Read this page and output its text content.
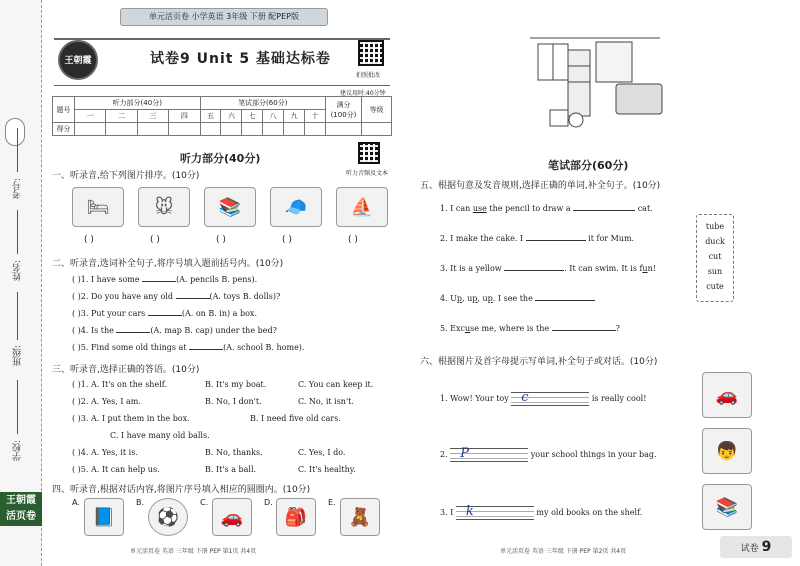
考号:
姓名:
班级:
学校:
王朝霞
活页卷
单元活页卷 小学英语 3年级 下册 配PEP版
王朝霞	试卷9 Unit 5 基础达标卷
拍照批改
建议用时:40分钟
题号	听力部分(40分)				笔试部分(60分)						满分
(100分)	等级
	一	二	三	四	五	六	七	八	九	十		
得分												
听力部分(40分)
听力音频及文本
一、听录音,给下列图片排序。(10分)
🛏	🐭	📚	🧢	⛵
( )	( )	( )	( )	( )
二、听录音,选词补全句子,将序号填入题前括号内。(10分)
( )1. I have some	(A. pencils B. pens).
( )2. Do you have any old	(A. toys B. dolls)?
( )3. Put your cars	(A. on B. in) a box.
( )4. Is the	(A. map B. cap) under the bed?
( )5. Find some old things at	(A. school B. home).
三、听录音,选择正确的答语。(10分)
( )1. A. It's on the shelf.	B. It's my boat.	C. You can keep it.
( )2. A. Yes, I am.	B. No, I don't.	C. No, it isn't.
( )3. A. I put them in the box.	B. I need five old cars.
C. I have many old balls.
( )4. A. Yes, it is.	B. No, thanks.	C. Yes, I do.
( )5. A. It can help us.	B. It's a ball.	C. It's healthy.
四、听录音,根据对话内容,将图片序号填入相应的圆圈内。(10分)
A.
📘
B.
⚽
C.
🚗
D.
🎒
E.
🧸
单元活页卷 英语 三年级 下册 PEP 第1页 共4页
笔试部分(60分)
五、根据句意及发音规则,选择正确的单词,补全句子。(10分)
1. I can use the pencil to draw a	cat.
2. I make the cake. I	it for Mum.
3. It is a yellow	. It can swim. It is fun!
4. Up, up, up. I see the
5. Excuse me, where is the	?
tube
duck
cut
sun
cute
六、根据图片及首字母提示写单词,补全句子或对话。(10分)
1. Wow! Your toy c	is really cool!
2. P	your school things in your bag.
3. I k	my old books on the shelf.
🚗
👦
📚
单元活页卷 英语 三年级 下册 PEP 第2页 共4页	试卷 9
